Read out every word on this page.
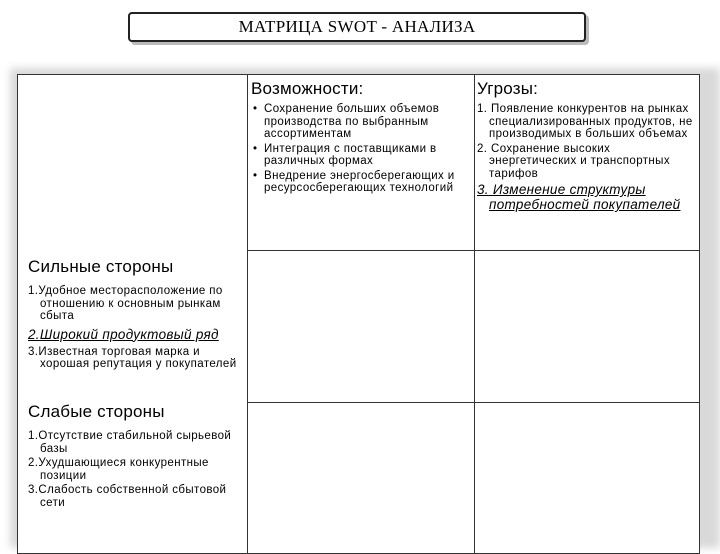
МАТРИЦА SWOT - АНАЛИЗА
Возможности:
• Сохранение больших объемов производства по выбранным ассортиментам
• Интеграция с поставщиками в различных формах
• Внедрение энергосберегающих и ресурсосберегающих технологий
Угрозы:
1. Появление конкурентов на рынках специализированных продуктов, не производимых в больших объемах
2. Сохранение высоких энергетических и транспортных тарифов
3. Изменение структуры потребностей покупателей
Сильные стороны
1.Удобное месторасположение по отношению к основным рынкам сбыта
2.Широкий продуктовый ряд
3.Известная торговая марка и хорошая репутация у покупателей
Слабые стороны
1.Отсутствие стабильной сырьевой базы
2.Ухудшающиеся конкурентные позиции
3.Слабость собственной сбытовой сети
